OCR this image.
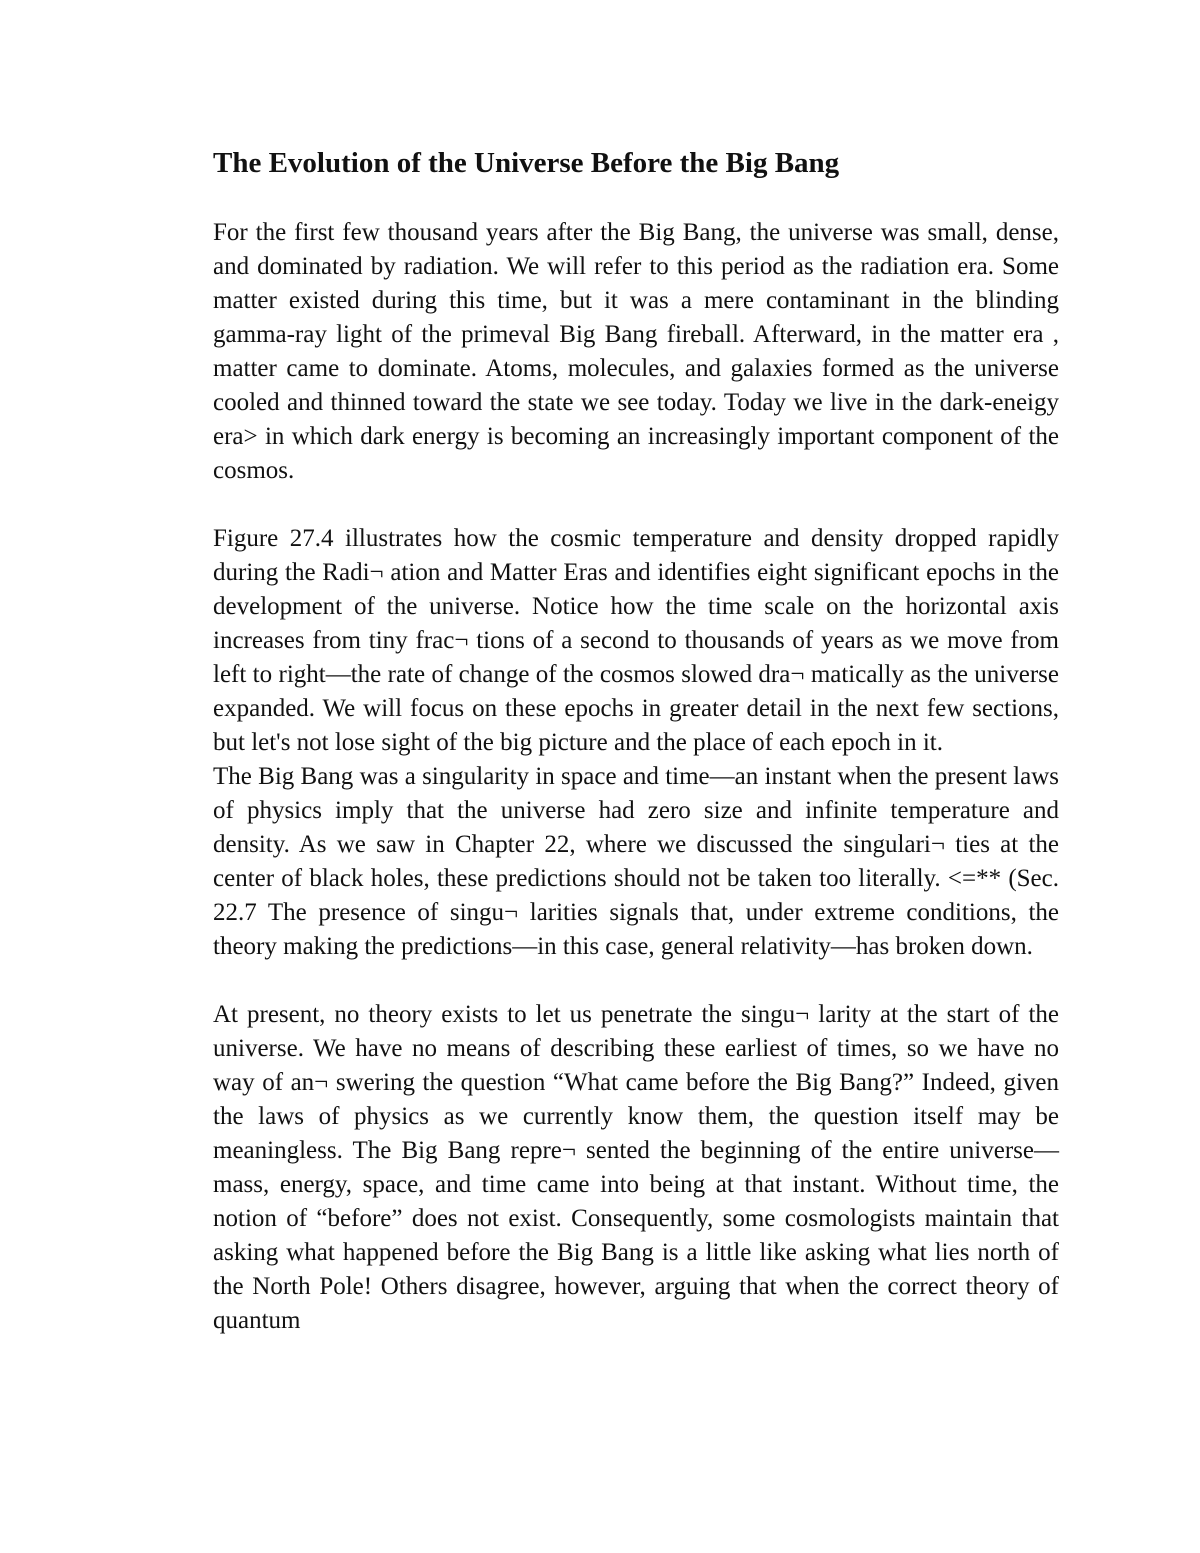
The Evolution of the Universe Before the Big Bang

For the first few thousand years after the Big Bang, the universe was small, dense, and dominated by radiation. We will refer to this period as the radiation era. Some matter existed during this time, but it was a mere contaminant in the blinding gamma-ray light of the primeval Big Bang fireball. Afterward, in the matter era , matter came to dominate. Atoms, molecules, and galaxies formed as the universe cooled and thinned toward the state we see today. Today we live in the dark-eneigy era> in which dark energy is becoming an increasingly important component of the cosmos.

Figure 27.4 illustrates how the cosmic temperature and density dropped rapidly during the Radi¬ ation and Matter Eras and identifies eight significant epochs in the development of the universe. Notice how the time scale on the horizontal axis increases from tiny frac¬ tions of a second to thousands of years as we move from left to right—the rate of change of the cosmos slowed dra¬ matically as the universe expanded. We will focus on these epochs in greater detail in the next few sections, but let's not lose sight of the big picture and the place of each epoch in it.

The Big Bang was a singularity in space and time—an instant when the present laws of physics imply that the universe had zero size and infinite temperature and density. As we saw in Chapter 22, where we discussed the singulari¬ ties at the center of black holes, these predictions should not be taken too literally. <=** (Sec. 22.7 The presence of singu¬ larities signals that, under extreme conditions, the theory making the predictions—in this case, general relativity—has broken down.

At present, no theory exists to let us penetrate the singu¬ larity at the start of the universe. We have no means of describing these earliest of times, so we have no way of an¬ swering the question “What came before the Big Bang?” Indeed, given the laws of physics as we currently know them, the question itself may be meaningless. The Big Bang repre¬ sented the beginning of the entire universe—mass, energy, space, and time came into being at that instant. Without time, the notion of “before” does not exist. Consequently, some cosmologists maintain that asking what happened before the Big Bang is a little like asking what lies north of the North Pole! Others disagree, however, arguing that when the correct theory of quantum
